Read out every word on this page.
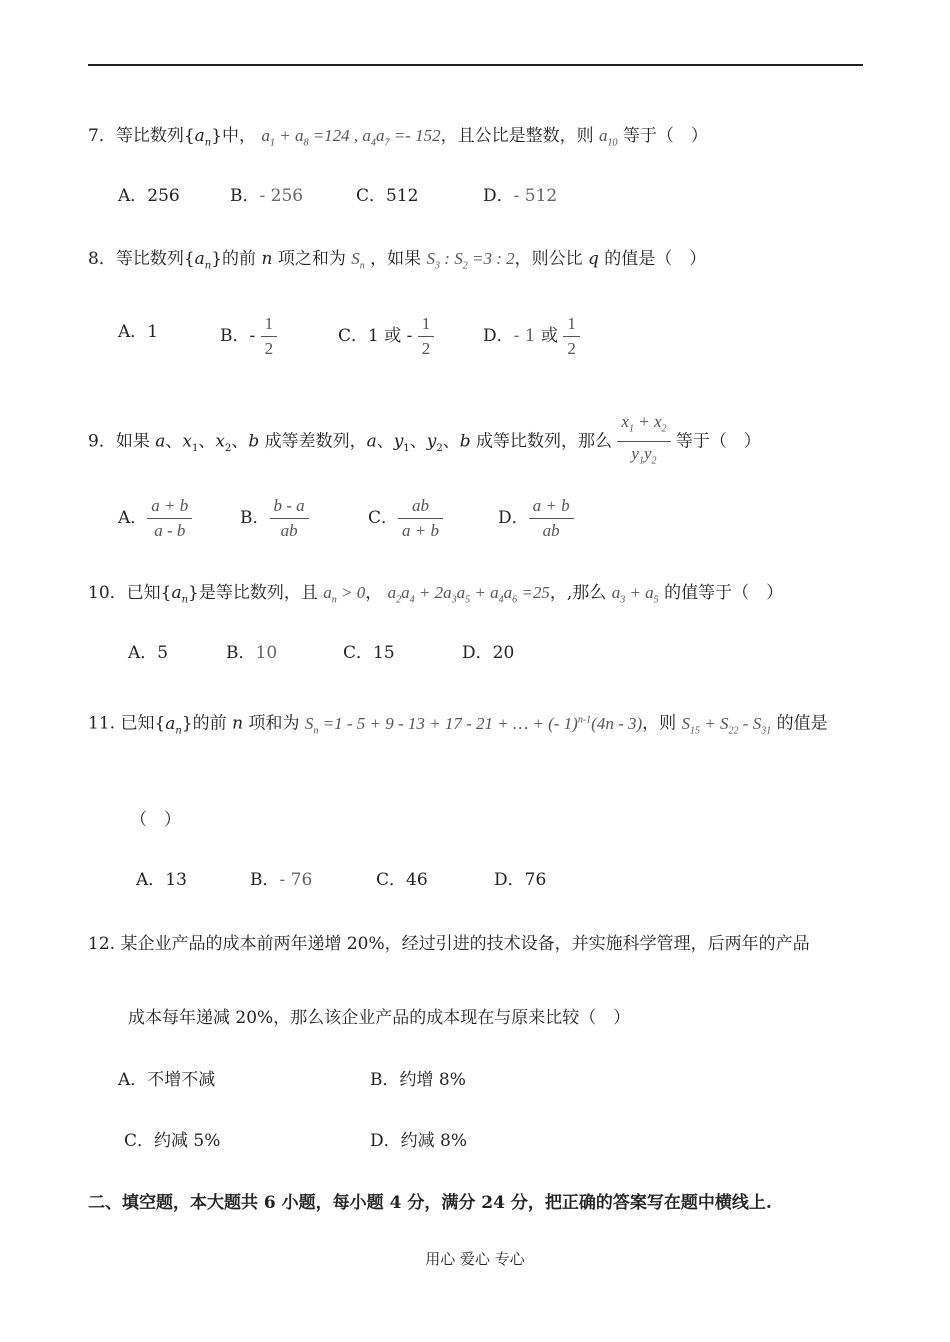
7．等比数列$\{a_n\}$中， $a_1 + a_8 =124$ , $a_4a_7 =- 152$，且公比是整数，则 $a_{10}$ 等于（　）
A．256	B．- 256	C．512	D．- 512
8．等比数列$\{a_n\}$的前 n 项之和为 $S_n$ ，如果 $S_3$ : $S_2 =3$ : 2，则公比 q 的值是（　）
A．1	B．- $\frac{1}{2}$	C．1 或 - $\frac{1}{2}$	D．- 1 或 $\frac{1}{2}$
9．如果 a、$x_1$、$x_2$、b 成等差数列，a、$y_1$、$y_2$、b 成等比数列，那么 $\frac{x_1 + x_2}{y_1y_2}$ 等于（　）
A． $\frac{a + b}{a - b}$	B． $\frac{b - a}{ab}$	C． $\frac{ab}{a + b}$	D． $\frac{a + b}{ab}$
10．已知$\{a_n\}$是等比数列，且 $a_n > 0$， $a_2a_4 + 2a_3a_5 + a_4a_6 =25$，,那么 $a_3 + a_5$ 的值等于（　）
A．5	B．10	C．15	D．20
11. 已知$\{a_n\}$的前 n 项和为 $S_n =1 - 5 + 9 - 13 + 17 - 21$ + … + (- 1)$^{n-1}$(4n - 3)，则 $S_{15} + S_{22} - S_{31}$ 的值是
（　）
A．13	B．- 76	C．46	D．76
12. 某企业产品的成本前两年递增 20%，经过引进的技术设备，并实施科学管理，后两年的产品
成本每年递减 20%，那么该企业产品的成本现在与原来比较（　）
A．不增不减	B．约增 8%
C．约减 5%	D．约减 8%
二、填空题，本大题共 6 小题，每小题 4 分，满分 24 分，把正确的答案写在题中横线上.
用心 爱心 专心
